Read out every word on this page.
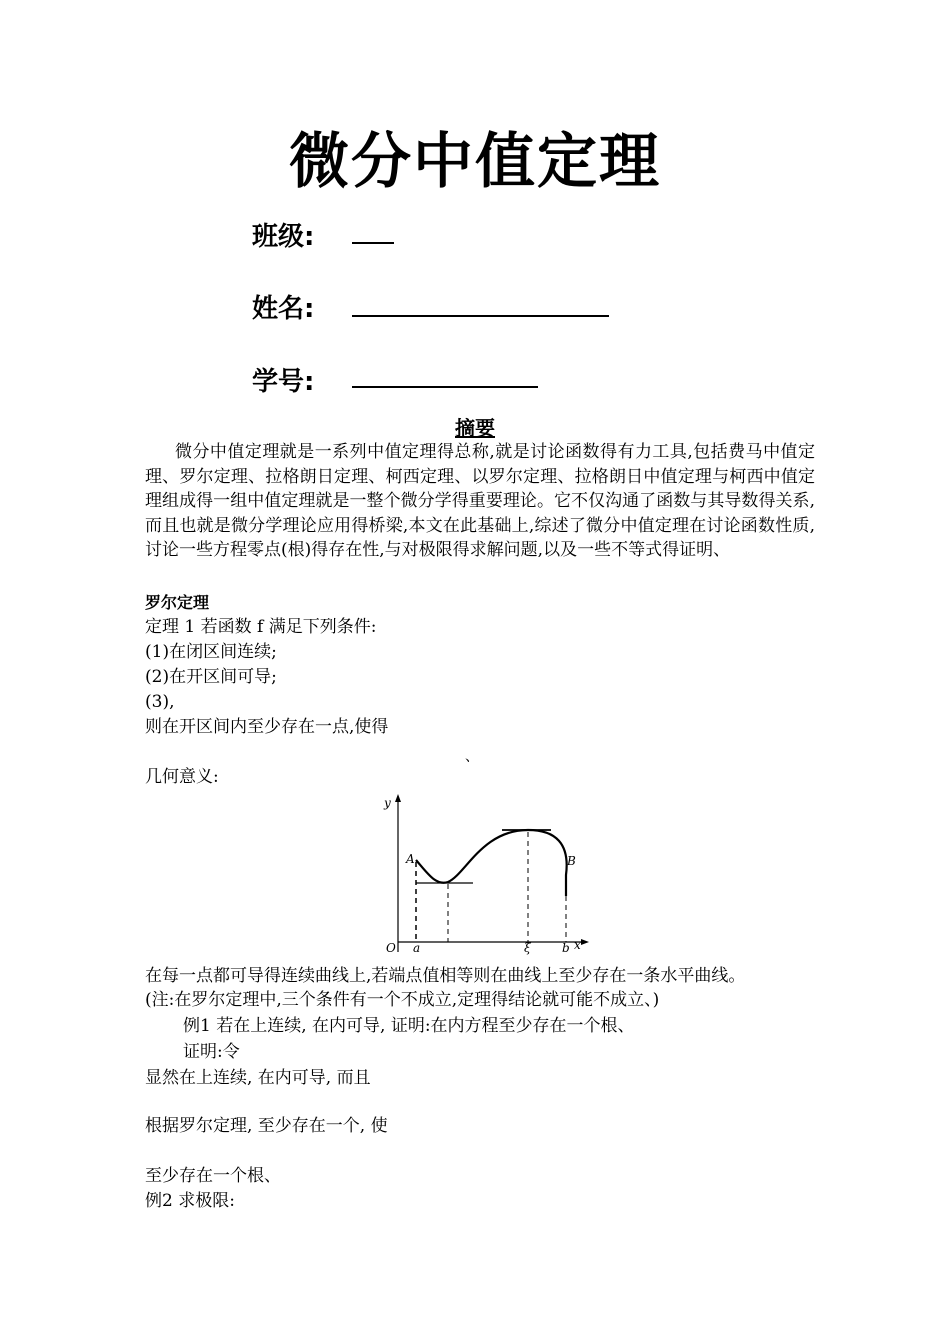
微分中值定理
班级:
姓名:
学号:
摘要
微分中值定理就是一系列中值定理得总称,就是讨论函数得有力工具,包括费马中值定理、罗尔定理、拉格朗日定理、柯西定理、以罗尔定理、拉格朗日中值定理与柯西中值定理组成得一组中值定理就是一整个微分学得重要理论。它不仅沟通了函数与其导数得关系,而且也就是微分学理论应用得桥梁,本文在此基础上,综述了微分中值定理在讨论函数性质,讨论一些方程零点(根)得存在性,与对极限得求解问题,以及一些不等式得证明、
罗尔定理
定理 1 若函数 f 满足下列条件:
(1)在闭区间连续;
(2)在开区间可导;
(3),
则在开区间内至少存在一点,使得
、
几何意义:
y
x
O a	ξ	b
A	B
在每一点都可导得连续曲线上,若端点值相等则在曲线上至少存在一条水平曲线。
(注:在罗尔定理中,三个条件有一个不成立,定理得结论就可能不成立、)
例1 若在上连续, 在内可导, 证明:在内方程至少存在一个根、
证明:令
显然在上连续, 在内可导, 而且
根据罗尔定理, 至少存在一个, 使
至少存在一个根、
例2 求极限:
